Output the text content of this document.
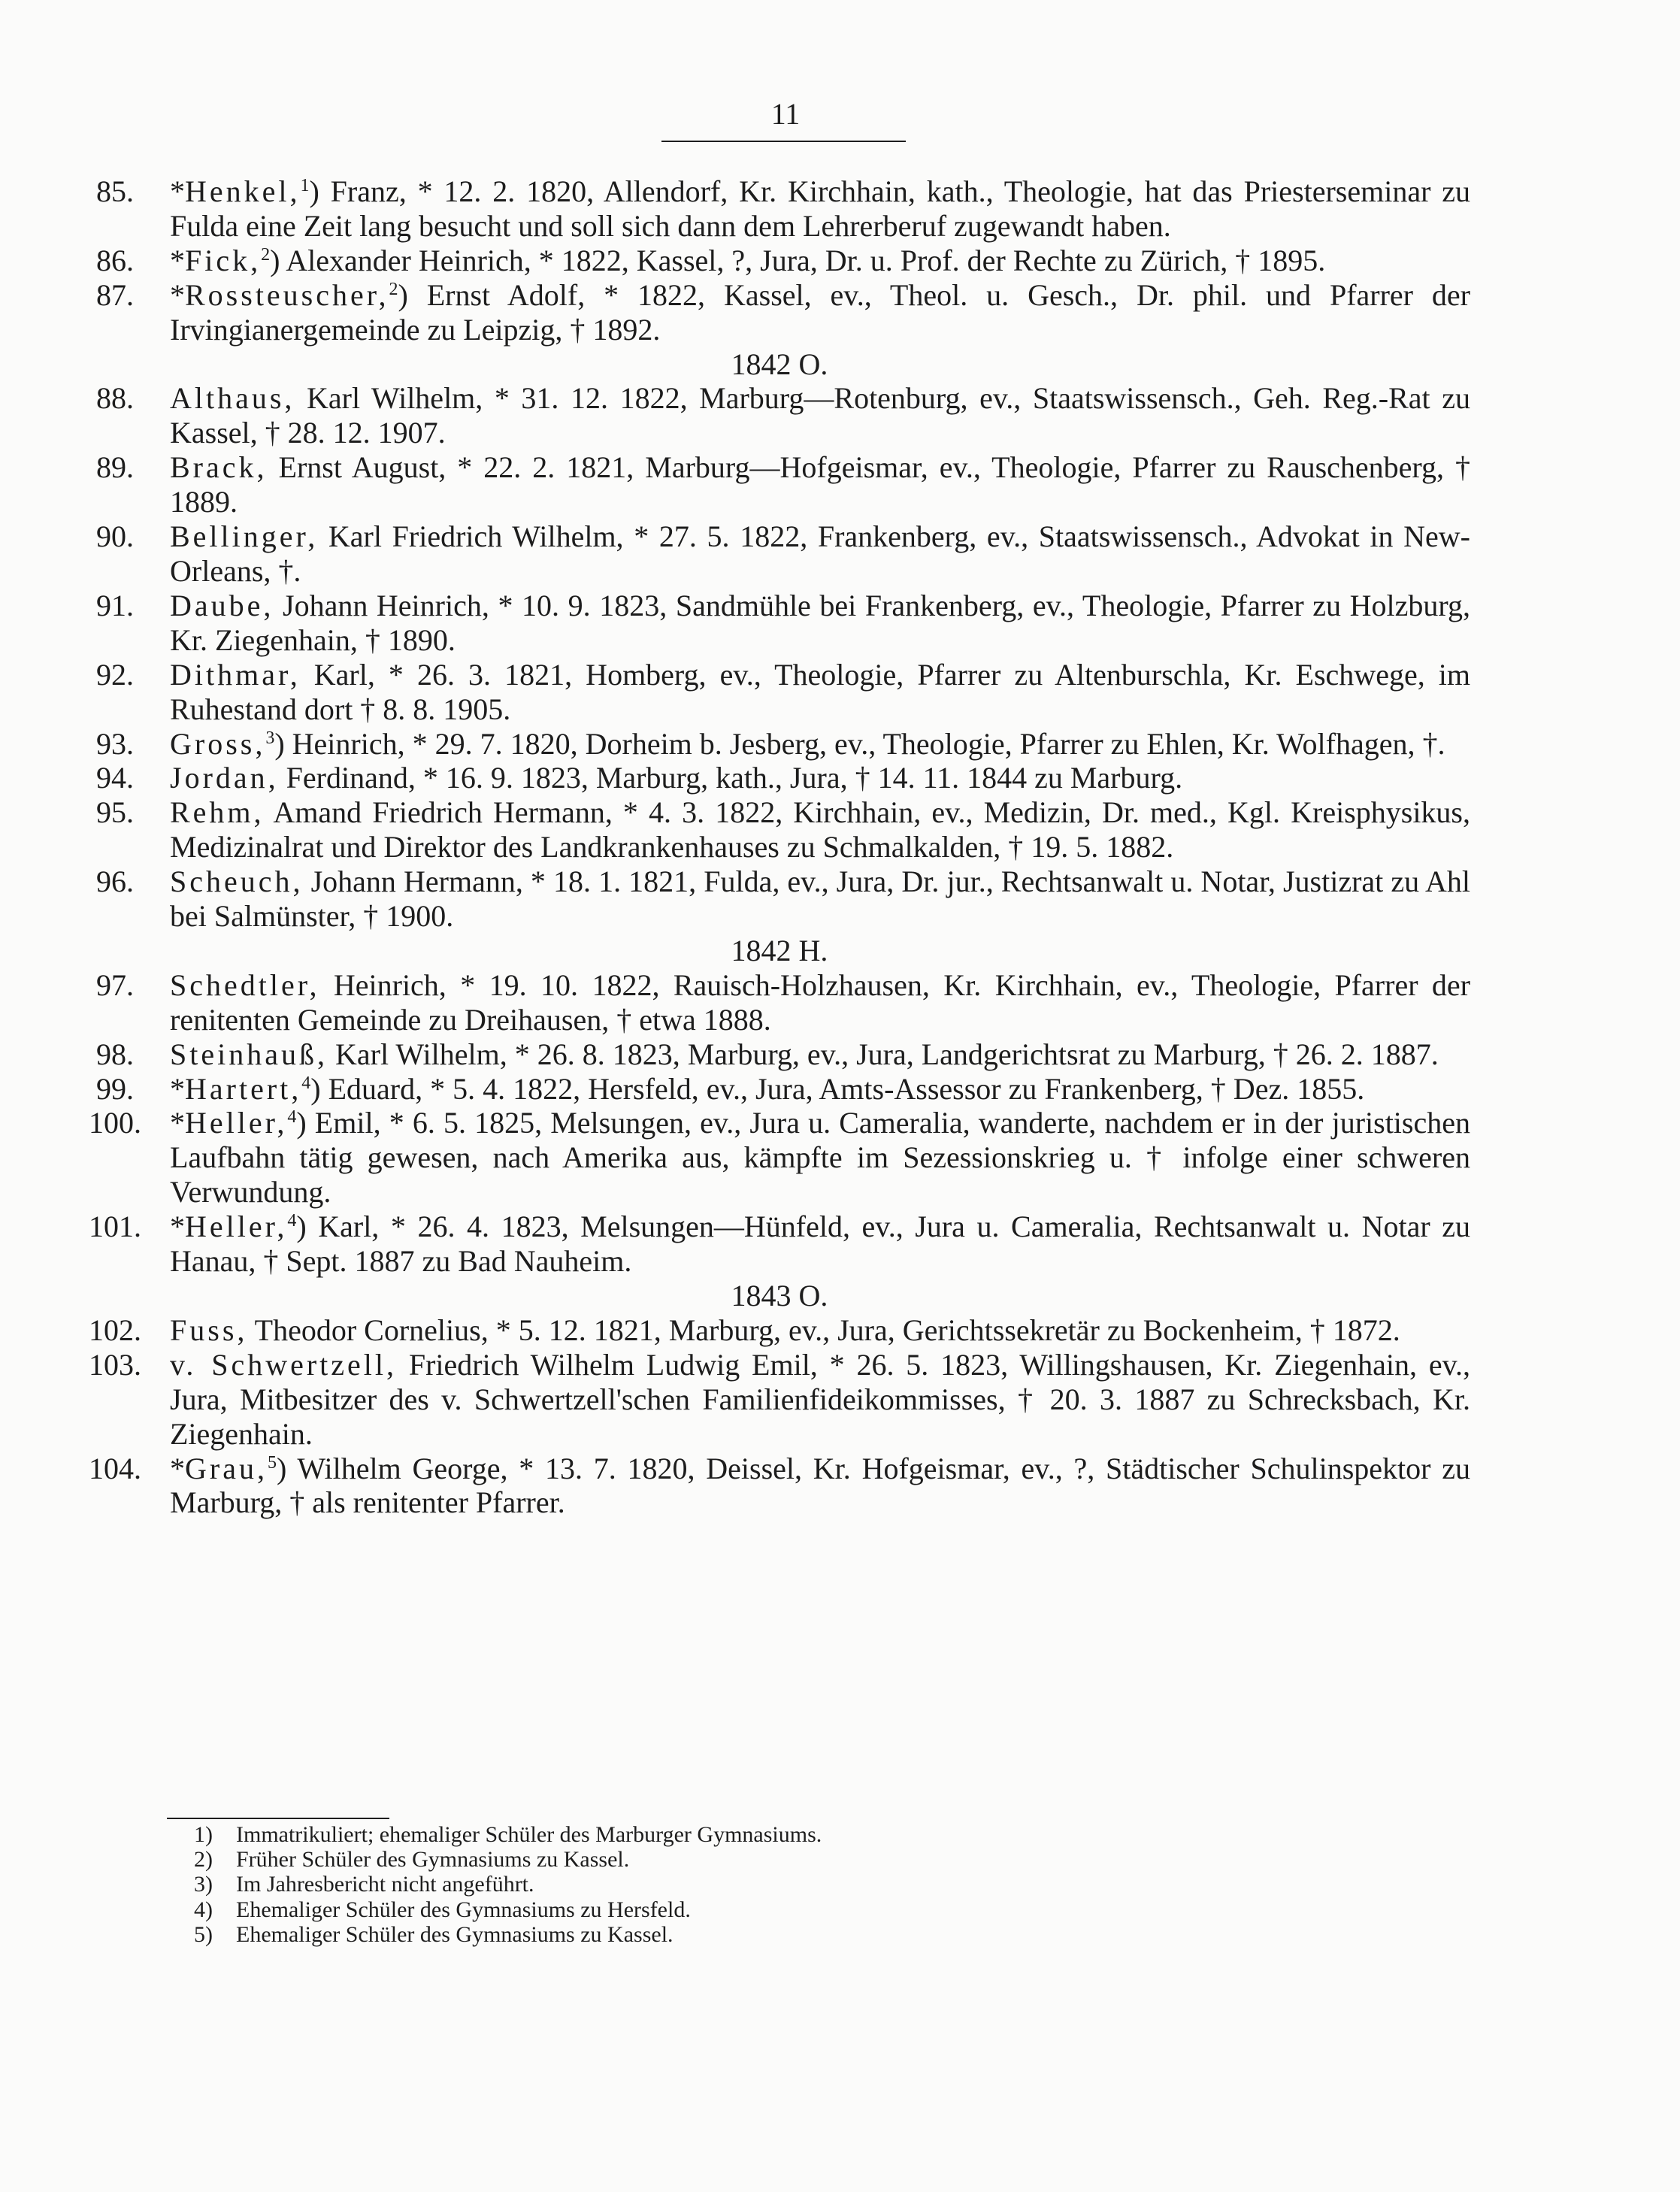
11
85. *Henkel,$^1$) Franz, * 12. 2. 1820, Allendorf, Kr. Kirchhain, kath., Theologie, hat das Priesterseminar zu Fulda eine Zeit lang besucht und soll sich dann dem Lehrerberuf zugewandt haben.
86. *Fick,$^2$) Alexander Heinrich, * 1822, Kassel, ?, Jura, Dr. u. Prof. der Rechte zu Zürich, † 1895.
87. *Rossteuscher,$^2$) Ernst Adolf, * 1822, Kassel, ev., Theol. u. Gesch., Dr. phil. und Pfarrer der Irvingianergemeinde zu Leipzig, † 1892.
1842 O.
88. Althaus, Karl Wilhelm, * 31. 12. 1822, Marburg—Rotenburg, ev., Staatswissensch., Geh. Reg.-Rat zu Kassel, † 28. 12. 1907.
89. Brack, Ernst August, * 22. 2. 1821, Marburg—Hofgeismar, ev., Theologie, Pfarrer zu Rauschenberg, † 1889.
90. Bellinger, Karl Friedrich Wilhelm, * 27. 5. 1822, Frankenberg, ev., Staatswissensch., Advokat in New-Orleans, †.
91. Daube, Johann Heinrich, * 10. 9. 1823, Sandmühle bei Frankenberg, ev., Theologie, Pfarrer zu Holzburg, Kr. Ziegenhain, † 1890.
92. Dithmar, Karl, * 26. 3. 1821, Homberg, ev., Theologie, Pfarrer zu Altenburschla, Kr. Eschwege, im Ruhestand dort † 8. 8. 1905.
93. Gross,$^3$) Heinrich, * 29. 7. 1820, Dorheim b. Jesberg, ev., Theologie, Pfarrer zu Ehlen, Kr. Wolfhagen, †.
94. Jordan, Ferdinand, * 16. 9. 1823, Marburg, kath., Jura, † 14. 11. 1844 zu Marburg.
95. Rehm, Amand Friedrich Hermann, * 4. 3. 1822, Kirchhain, ev., Medizin, Dr. med., Kgl. Kreisphysikus, Medizinalrat und Direktor des Landkrankenhauses zu Schmalkalden, † 19. 5. 1882.
96. Scheuch, Johann Hermann, * 18. 1. 1821, Fulda, ev., Jura, Dr. jur., Rechtsanwalt u. Notar, Justizrat zu Ahl bei Salmünster, † 1900.
1842 H.
97. Schedtler, Heinrich, * 19. 10. 1822, Rauisch-Holzhausen, Kr. Kirchhain, ev., Theologie, Pfarrer der renitenten Gemeinde zu Dreihausen, † etwa 1888.
98. Steinhauß, Karl Wilhelm, * 26. 8. 1823, Marburg, ev., Jura, Landgerichtsrat zu Marburg, † 26. 2. 1887.
99. *Hartert,$^4$) Eduard, * 5. 4. 1822, Hersfeld, ev., Jura, Amts-Assessor zu Frankenberg, † Dez. 1855.
100. *Heller,$^4$) Emil, * 6. 5. 1825, Melsungen, ev., Jura u. Cameralia, wanderte, nachdem er in der juristischen Laufbahn tätig gewesen, nach Amerika aus, kämpfte im Sezessionskrieg u. † infolge einer schweren Verwundung.
101. *Heller,$^4$) Karl, * 26. 4. 1823, Melsungen—Hünfeld, ev., Jura u. Cameralia, Rechtsanwalt u. Notar zu Hanau, † Sept. 1887 zu Bad Nauheim.
1843 O.
102. Fuss, Theodor Cornelius, * 5. 12. 1821, Marburg, ev., Jura, Gerichtssekretär zu Bockenheim, † 1872.
103. v. Schwertzell, Friedrich Wilhelm Ludwig Emil, * 26. 5. 1823, Willingshausen, Kr. Ziegenhain, ev., Jura, Mitbesitzer des v. Schwertzell'schen Familienfideikommisses, † 20. 3. 1887 zu Schrecksbach, Kr. Ziegenhain.
104. *Grau,$^5$) Wilhelm George, * 13. 7. 1820, Deissel, Kr. Hofgeismar, ev., ?, Städtischer Schulinspektor zu Marburg, † als renitenter Pfarrer.
1) Immatrikuliert; ehemaliger Schüler des Marburger Gymnasiums.
2) Früher Schüler des Gymnasiums zu Kassel.
3) Im Jahresbericht nicht angeführt.
4) Ehemaliger Schüler des Gymnasiums zu Hersfeld.
5) Ehemaliger Schüler des Gymnasiums zu Kassel.
